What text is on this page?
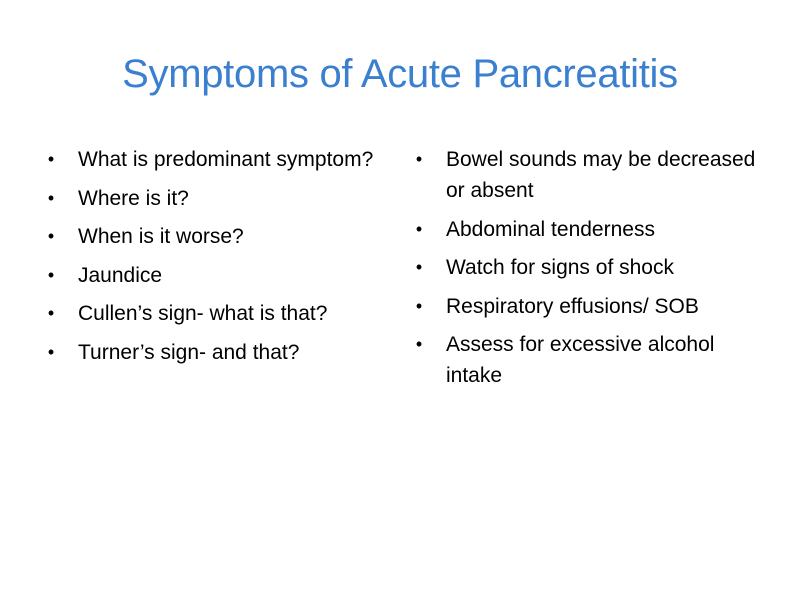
Symptoms of Acute Pancreatitis
• What is predominant symptom?
• Where is it?
• When is it worse?
• Jaundice
• Cullen’s sign- what is that?
• Turner’s sign- and that?
• Bowel sounds may be decreased or absent
• Abdominal tenderness
• Watch for signs of shock
• Respiratory effusions/ SOB
• Assess for excessive alcohol intake
